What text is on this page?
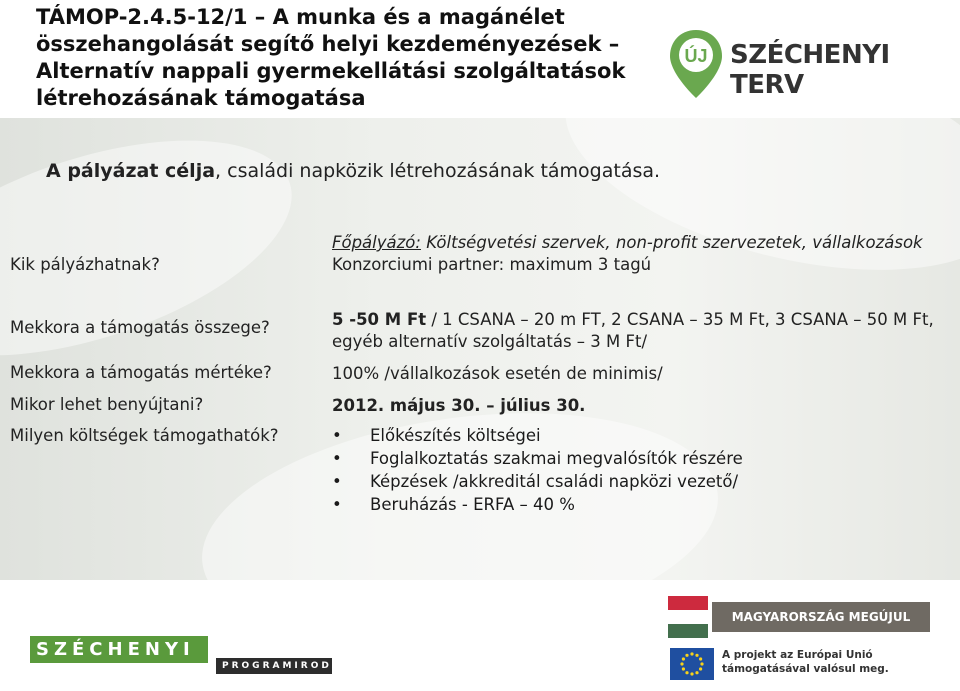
TÁMOP-2.4.5-12/1 – A munka és a magánélet összehangolását segítő helyi kezdeményezések – Alternatív nappali gyermekellátási szolgáltatások létrehozásának támogatása
ÚJ SZÉCHENYI TERV
A pályázat célja, családi napközik létrehozásának támogatása.
Kik pályázhatnak?
Főpályázó: Költségvetési szervek, non-profit szervezetek, vállalkozások
Konzorciumi partner: maximum 3 tagú
Mekkora a támogatás összege?	5 -50 M Ft / 1 CSANA – 20 m FT, 2 CSANA – 35 M Ft, 3 CSANA – 50 M Ft, egyéb alternatív szolgáltatás – 3 M Ft/
Mekkora a támogatás mértéke?	100% /vállalkozások esetén de minimis/
Mikor lehet benyújtani?	2012. május 30. – július 30.
Milyen költségek támogathatók?
•	Előkészítés költségei
• Foglalkoztatás szakmai megvalósítók részére
• Képzések /akkreditál családi napközi vezető/
• Beruházás - ERFA – 40 %
SZÉCHENYI
PROGRAMIRODA
MAGYARORSZÁG MEGÚJUL
A projekt az Európai Unió
támogatásával valósul meg.
